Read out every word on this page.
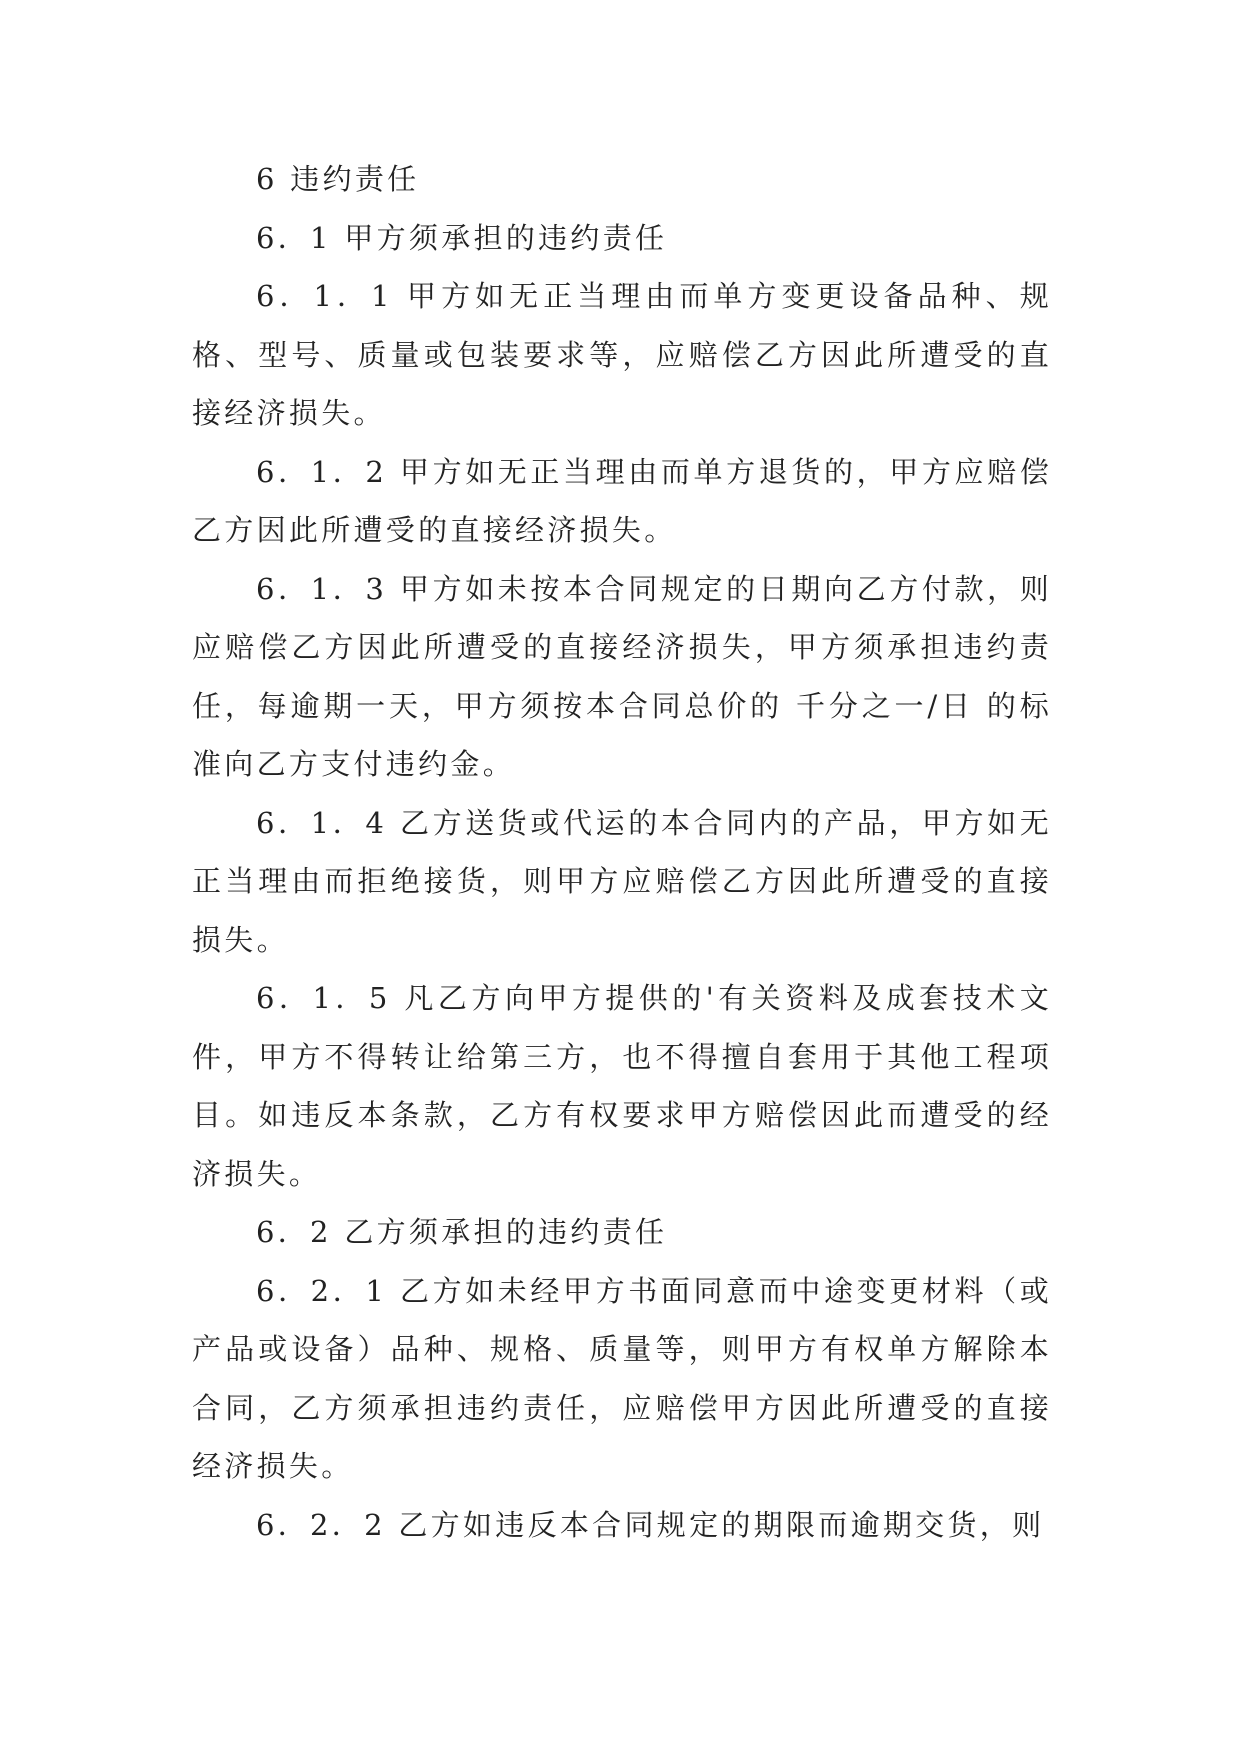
6 违约责任

6．1 甲方须承担的违约责任

6．1．1 甲方如无正当理由而单方变更设备品种、规格、型号、质量或包装要求等，应赔偿乙方因此所遭受的直接经济损失。

6．1．2 甲方如无正当理由而单方退货的，甲方应赔偿乙方因此所遭受的直接经济损失。

6．1．3 甲方如未按本合同规定的日期向乙方付款，则应赔偿乙方因此所遭受的直接经济损失，甲方须承担违约责任，每逾期一天，甲方须按本合同总价的 千分之一/日 的标准向乙方支付违约金。

6．1．4 乙方送货或代运的本合同内的产品，甲方如无正当理由而拒绝接货，则甲方应赔偿乙方因此所遭受的直接损失。

6．1．5 凡乙方向甲方提供的'有关资料及成套技术文件，甲方不得转让给第三方，也不得擅自套用于其他工程项目。如违反本条款，乙方有权要求甲方赔偿因此而遭受的经济损失。

6．2 乙方须承担的违约责任

6．2．1 乙方如未经甲方书面同意而中途变更材料（或产品或设备）品种、规格、质量等，则甲方有权单方解除本合同，乙方须承担违约责任，应赔偿甲方因此所遭受的直接经济损失。

6．2．2 乙方如违反本合同规定的期限而逾期交货，则
